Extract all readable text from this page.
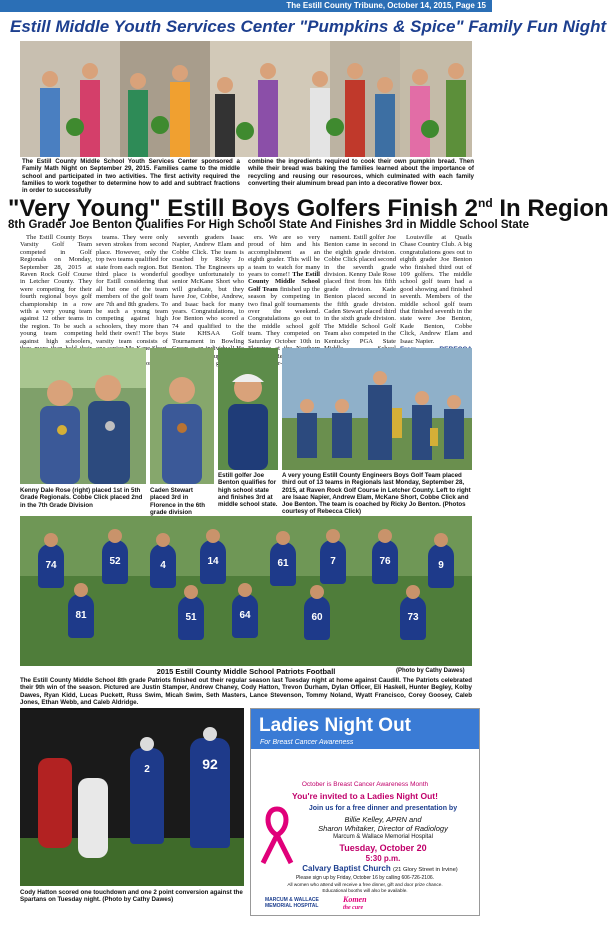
The Estill County Tribune, October 14, 2015, Page 15
Estill Middle Youth Services Center "Pumpkins & Spice" Family Fun Night
The Estill County Middle School Youth Services Center sponsored a Family Math Night on September 29, 2015. Families came to the middle school and participated in two activities. The first activity required the families to work together to determine how to add and subtract fractions in order to successfully
combine the ingredients required to cook their own pumpkin bread. Then while their bread was baking the families learned about the importance of recycling and reusing our resources, which culminated with each family converting their aluminum bread pan into a decorative flower box.
"Very Young" Estill Boys Golfers Finish 2nd In Region
8th Grader Joe Benton Qualifies For High School State And Finishes 3rd in Middle School State

The Estill County Boys Varsity Golf Team competed in Golf Regionals on Monday, September 28, 2015 at Raven Rock Golf Course in Letcher County. They were competing for their fourth regional boys golf championship in a row with a very young team against 12 other teams in the region. To be such a young team competing against high schoolers,

teams. They were only seven strokes from second place. However, only the top two teams qualified for state from each region. But third place is wonderful for Estill considering that all but one of the team members of the golf team are 7th and 8th graders. To be such a young team competing against high schoolers, they more than held their own!! The boys varsity team consists of

seventh graders Isaac Napier, Andrew Elam and Cobbe Click. The team is coached by Ricky Jo Benton. The Engineers up goodbye unfortunately to senior McKane Short who will graduate, but they have Joe, Cobbe, Andrew, and Isaac back for many years. Congratulations, to Joe Benton who scored a 74 and qualified to the State KHSAA Golf Tournament in Bowling

ers. We are so very proud of him and his accomplishment as an eighth grader. This will be a team to watch for many years to come!! The Estill County Middle School Golf Team finished up the season by competing in two final golf tournaments over the weekend. Congratulations go out to the middle school golf team. They competed on Saturday October 10th in

nament. Estill golfer Joe Benton came in second in the eighth grade division. Cobbe Click placed second in the seventh grade division. Kenny Dale Rose placed first from his fifth grade division. Kade Benton placed second in the fifth grade division. Caden Stewart placed third in the sixth grade division. The Middle School Golf Team also competed in the Kentucky PGA State

Louisville at Quails Chase Country Club. A big congratulations goes out to eighth grader Joe Benton who finished third out of 109 golfers. The middle school golf team had a good showing and finished seventh. Members of the middle school golf team that finished seventh in the state were Joe Benton, Kade Benton, Cobbe Click, Andrew Elam and Isaac Napier.

Kenny Dale Rose (right) placed 1st in 5th Grade Regionals. Cobbe Click placed 2nd in the 7th Grade Division
Caden Stewart placed 3rd in Florence in the 6th grade division
Estill golfer Joe Benton qualifies for high school state and finishes 3rd at middle school state.
A very young Estill County Engineers Boys Golf Team placed third out of 13 teams in Regionals last Monday, September 28, 2015, at Raven Rock Golf Course in Letcher County. Left to right are Isaac Napier, Andrew Elam, McKane Short, Cobbe Click and Joe Benton. The team is coached by Ricky Jo Benton. (Photos courtesy of Rebecca Click)
74	52	4	14	61	7	76	9
81	51	64	60	73
2015 Estill County Middle School Patriots Football	(Photo by Cathy Dawes)
The Estill County Middle School 8th grade Patriots finished out their regular season last Tuesday night at home against Caudill. The Patriots celebrated their 9th win of the season. Pictured are Justin Stamper, Andrew Chaney, Cody Hatton, Trevon Durham, Dylan Officer, Eli Haskell, Hunter Begley, Kolby Dawes, Ryan Kidd, Lucas Puckett, Russ Swim, Micah Swim, Seth Masters, Lance Stevenson, Tommy Noland, Wyatt Francisco, Corey Goosey, Caleb Jones, Ethan Webb, and Caleb Aldridge.
2	92
Cody Hatton scored one touchdown and one 2 point conversion against the Spartans on Tuesday night. (Photo by Cathy Dawes)
Ladies Night Out
For Breast Cancer Awareness
October is Breast Cancer Awareness Month
You're invited to a Ladies Night Out!
Join us for a free dinner and presentation by
Billie Kelley, APRN and
Sharon Whitaker, Director of Radiology
Marcum & Wallace Memorial Hospital
Tuesday, October 20
5:30 p.m.
Calvary Baptist Church (21 Glory Street in Irvine)
Please sign up by Friday, October 16 by calling 606-726-2106.
All women who attend will receive a free dinner, gift and door prize chance.
Educational booths will also be available.
MARCUM & WALLACE
MEMORIAL HOSPITAL
Komen
the cure
